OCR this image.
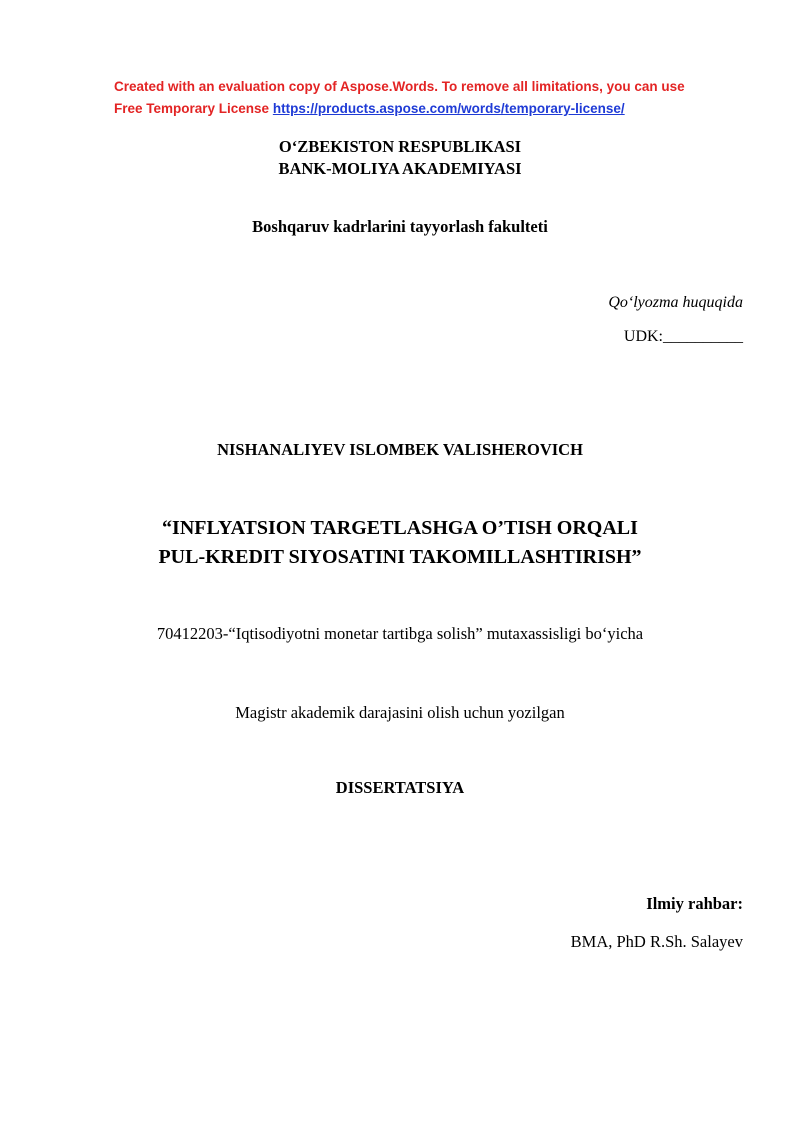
Created with an evaluation copy of Aspose.Words. To remove all limitations, you can use
Free Temporary License https://products.aspose.com/words/temporary-license/
O‘ZBEKISTON RESPUBLIKASI
BANK-MOLIYA AKADEMIYASI
Boshqaruv kadrlarini tayyorlash fakulteti
Qo‘lyozma huquqida
UDK:__________
NISHANALIYEV ISLOMBEK VALISHEROVICH
“INFLYATSION TARGETLASHGA O’TISH ORQALI
PUL-KREDIT SIYOSATINI TAKOMILLASHTIRISH”
70412203-“Iqtisodiyotni monetar tartibga solish” mutaxassisligi bo‘yicha
Magistr akademik darajasini olish uchun yozilgan
DISSERTATSIYA
Ilmiy rahbar:
BMA, PhD R.Sh. Salayev
